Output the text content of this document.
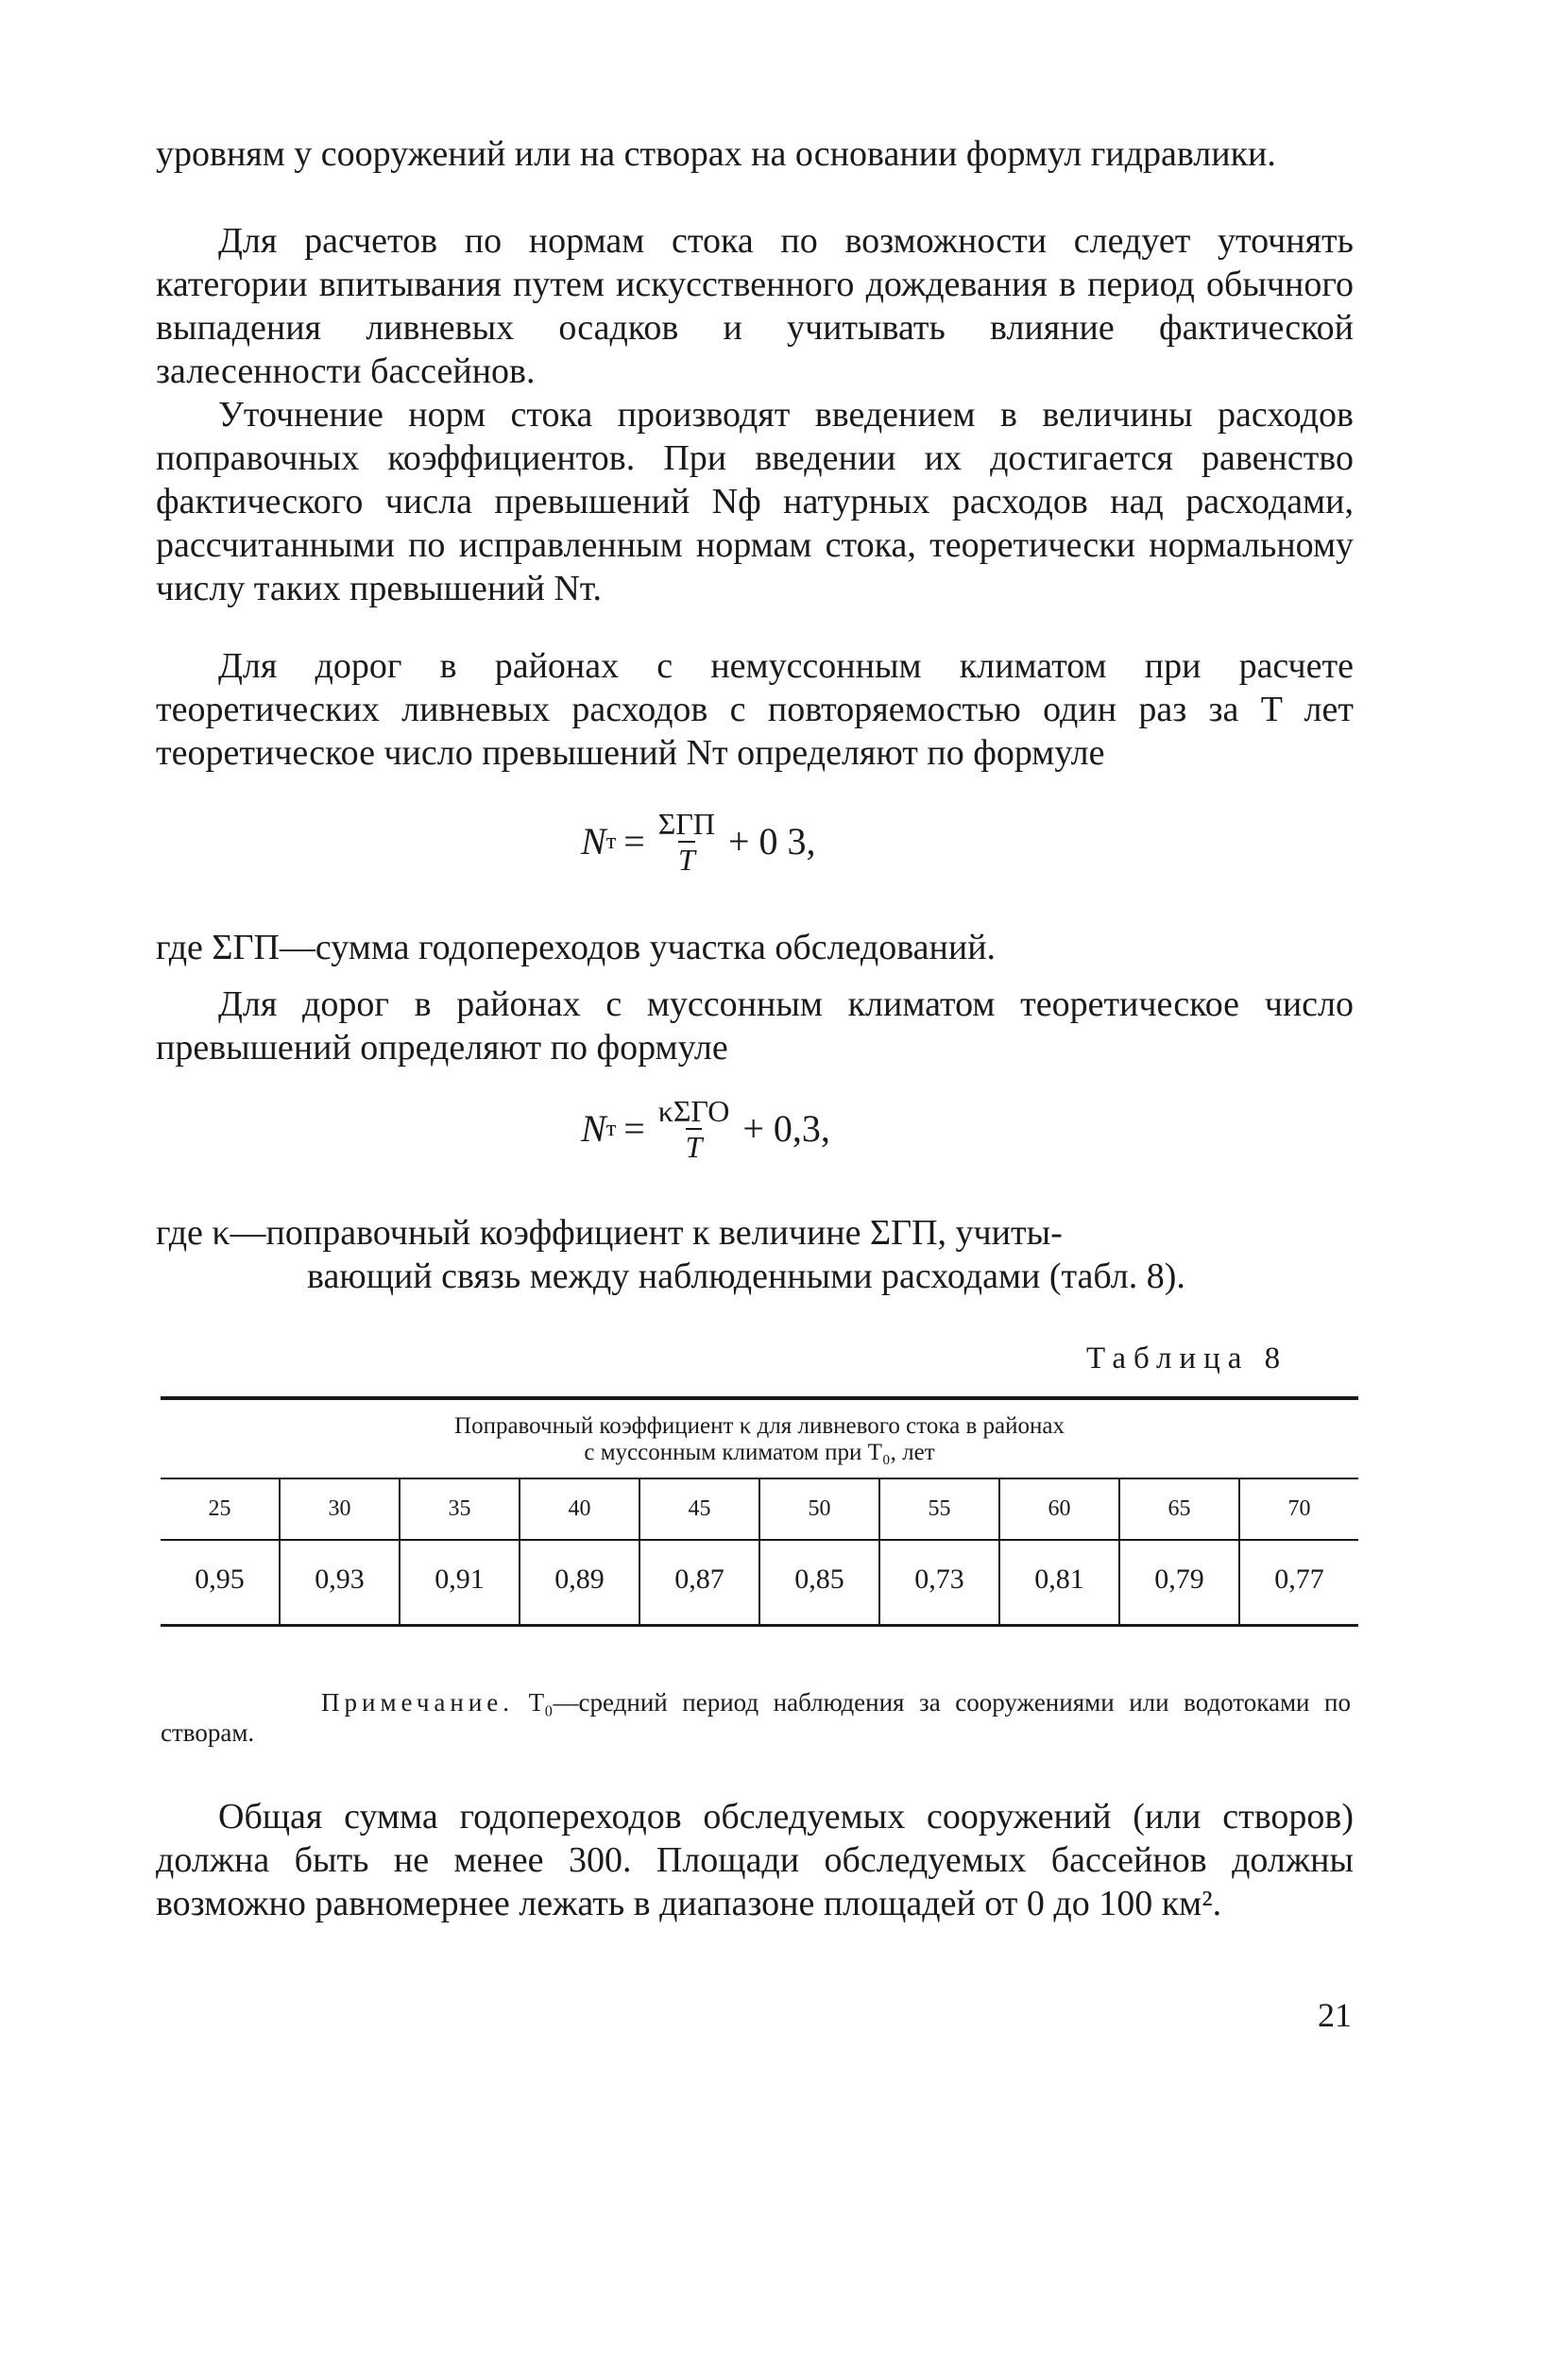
уровням у сооружений или на створах на основании формул гидравлики.

Для расчетов по нормам стока по возможности следует уточнять категории впитывания путем искусственного дождевания в период обычного выпадения ливневых осадков и учитывать влияние фактической залесенности бассейнов.

Уточнение норм стока производят введением в величины расходов поправочных коэффициентов. При введении их достигается равенство фактического числа превышений Nф натурных расходов над расходами, рассчитанными по исправленным нормам стока, теоретически нормальному числу таких превышений Nт.

Для дорог в районах с немуссонным климатом при расчете теоретических ливневых расходов с повторяемостью один раз за T лет теоретическое число превышений Nт определяют по формуле

N $т = \frac{\text{ΣГП}}{T} + 0$ 3,

где ΣГП—сумма годопереходов участка обследований.

Для дорог в районах с муссонным климатом теоретическое число превышений определяют по формуле

N $т = \frac{\text{κΣГО}}{T} + 0,3$,
где κ—поправочный коэффициент к величине ΣГП, учиты-
вающий связь между наблюденными расходами (табл. 8).
Таблица 8
Поправочный коэффициент κ для ливневого стока в районах
с муссонным климатом при T₀, лет
25	30	35	40	45	50	55	60	65	70
0,95	0,93	0,91	0,89	0,87	0,85	0,73	0,81	0,79	0,77

Примечание. T₀—средний период наблюдения за сооружениями или водотоками по створам.

Общая сумма годопереходов обследуемых сооружений (или створов) должна быть не менее 300. Площади обследуемых бассейнов должны возможно равномернее лежать в диапазоне площадей от 0 до 100 км².

21
